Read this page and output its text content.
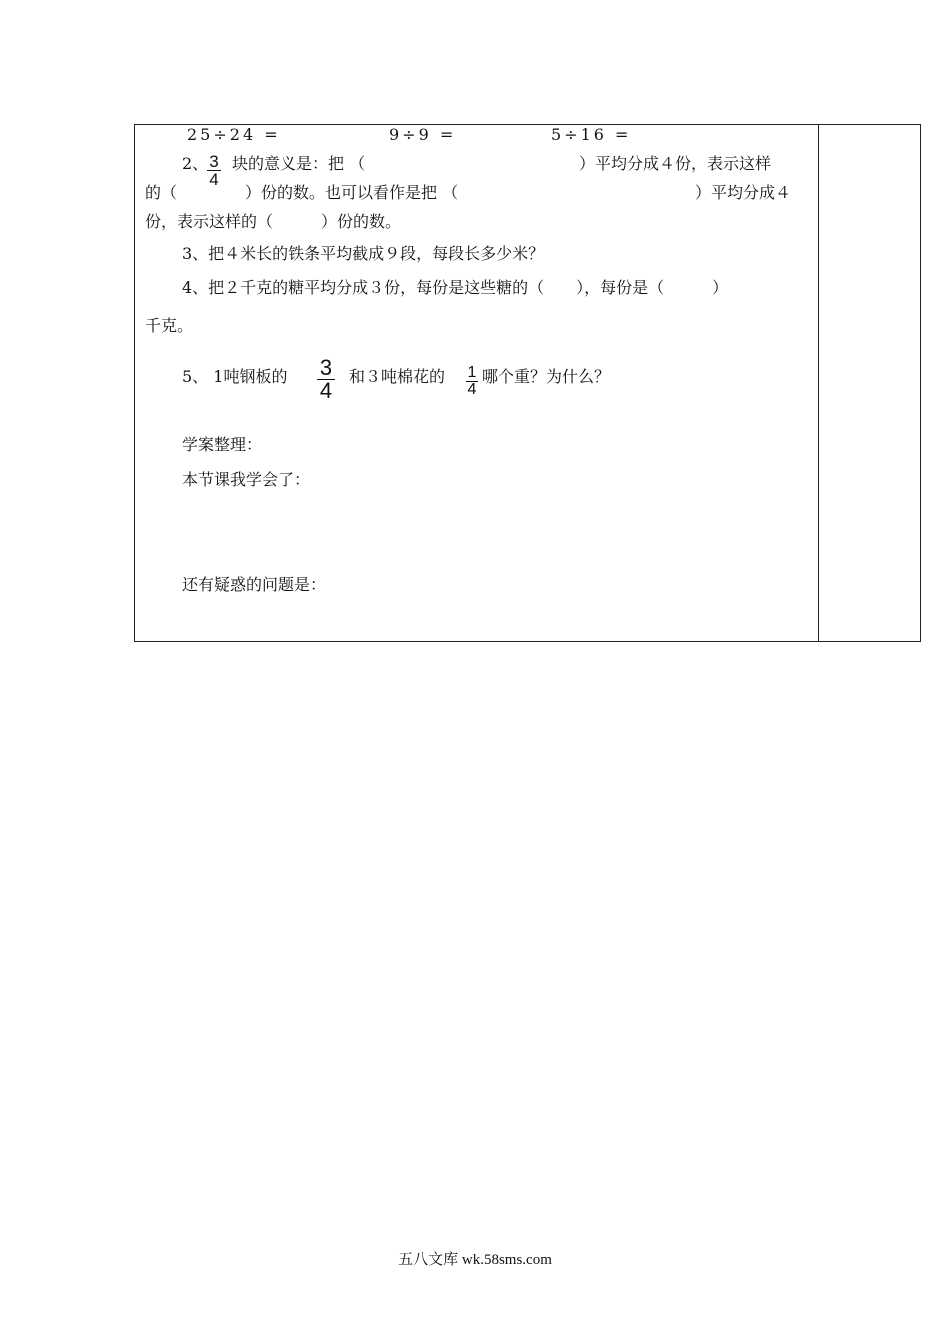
25÷24 =	9÷9 =	5÷16 =
2、 3
4
块的意义是：把 （	）平均分成４份，表示这样
的（	）份的数。也可以看作是把 （	）平均分成４
份，表示这样的（　　　）份的数。
3、把４米长的铁条平均截成９段，每段长多少米？
4、把２千克的糖平均分成３份，每份是这些糖的（　　），每份是（　　　）
千克。
5、 1吨钢板的 3
4
和３吨棉花的 1
4
哪个重？为什么？
学案整理：
本节课我学会了：
还有疑惑的问题是：
五八文库 wk.58sms.com
